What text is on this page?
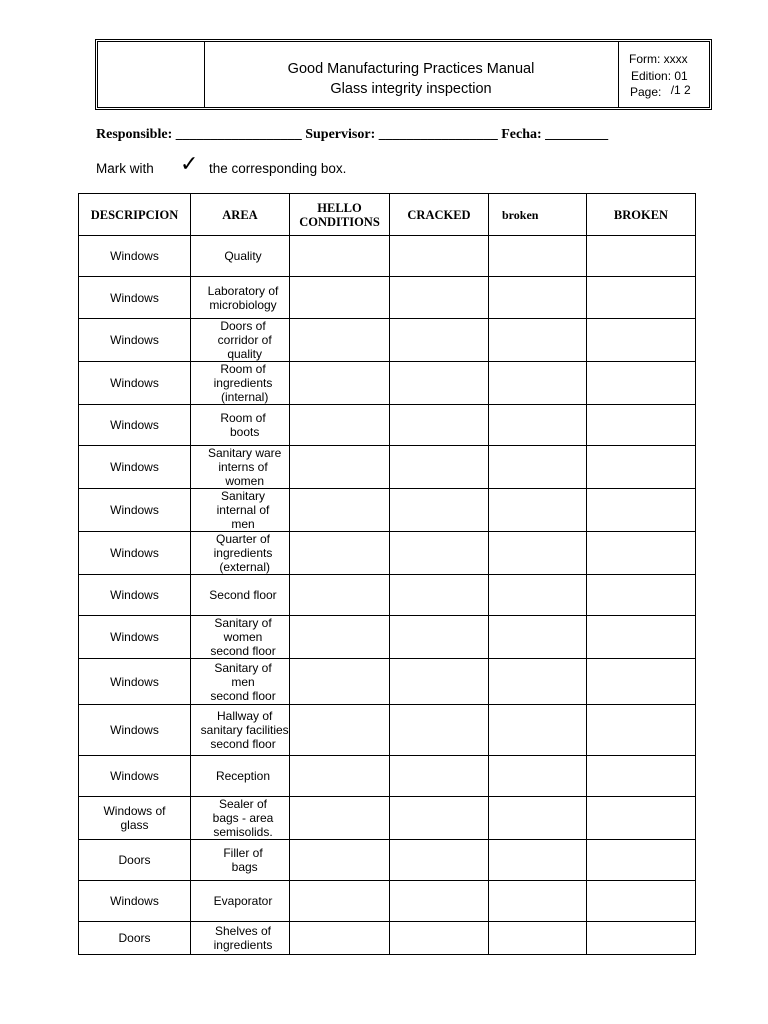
Good Manufacturing Practices Manual
Glass integrity inspection
Form: xxxx
Edition: 01
Page: /1 2
Responsible: __________________ Supervisor: _________________ Fecha: _________
Mark with ✓ the corresponding box.
DESCRIPCION	AREA	HELLO
CONDITIONS	CRACKED	broken	BROKEN
Windows	Quality				

Windows	Laboratory of
microbiology				

Windows	Doors of
corridor of
quality				

Windows	Room of
ingredients
(internal)				

Windows	Room of
boots				

Windows	Sanitary ware
interns of
women				

Windows	Sanitary
internal of
men				

Windows	Quarter of
ingredients
(external)				

Windows	Second floor				

Windows	Sanitary of
women
second floor				

Windows	Sanitary of
men
second floor				

Windows	Hallway of
sanitary facilities
second floor				

Windows	Reception				

Windows of
glass	Sealer of
bags - area
semisolids.				

Doors	Filler of
bags				

Windows	Evaporator				

Doors	Shelves of
ingredients				
